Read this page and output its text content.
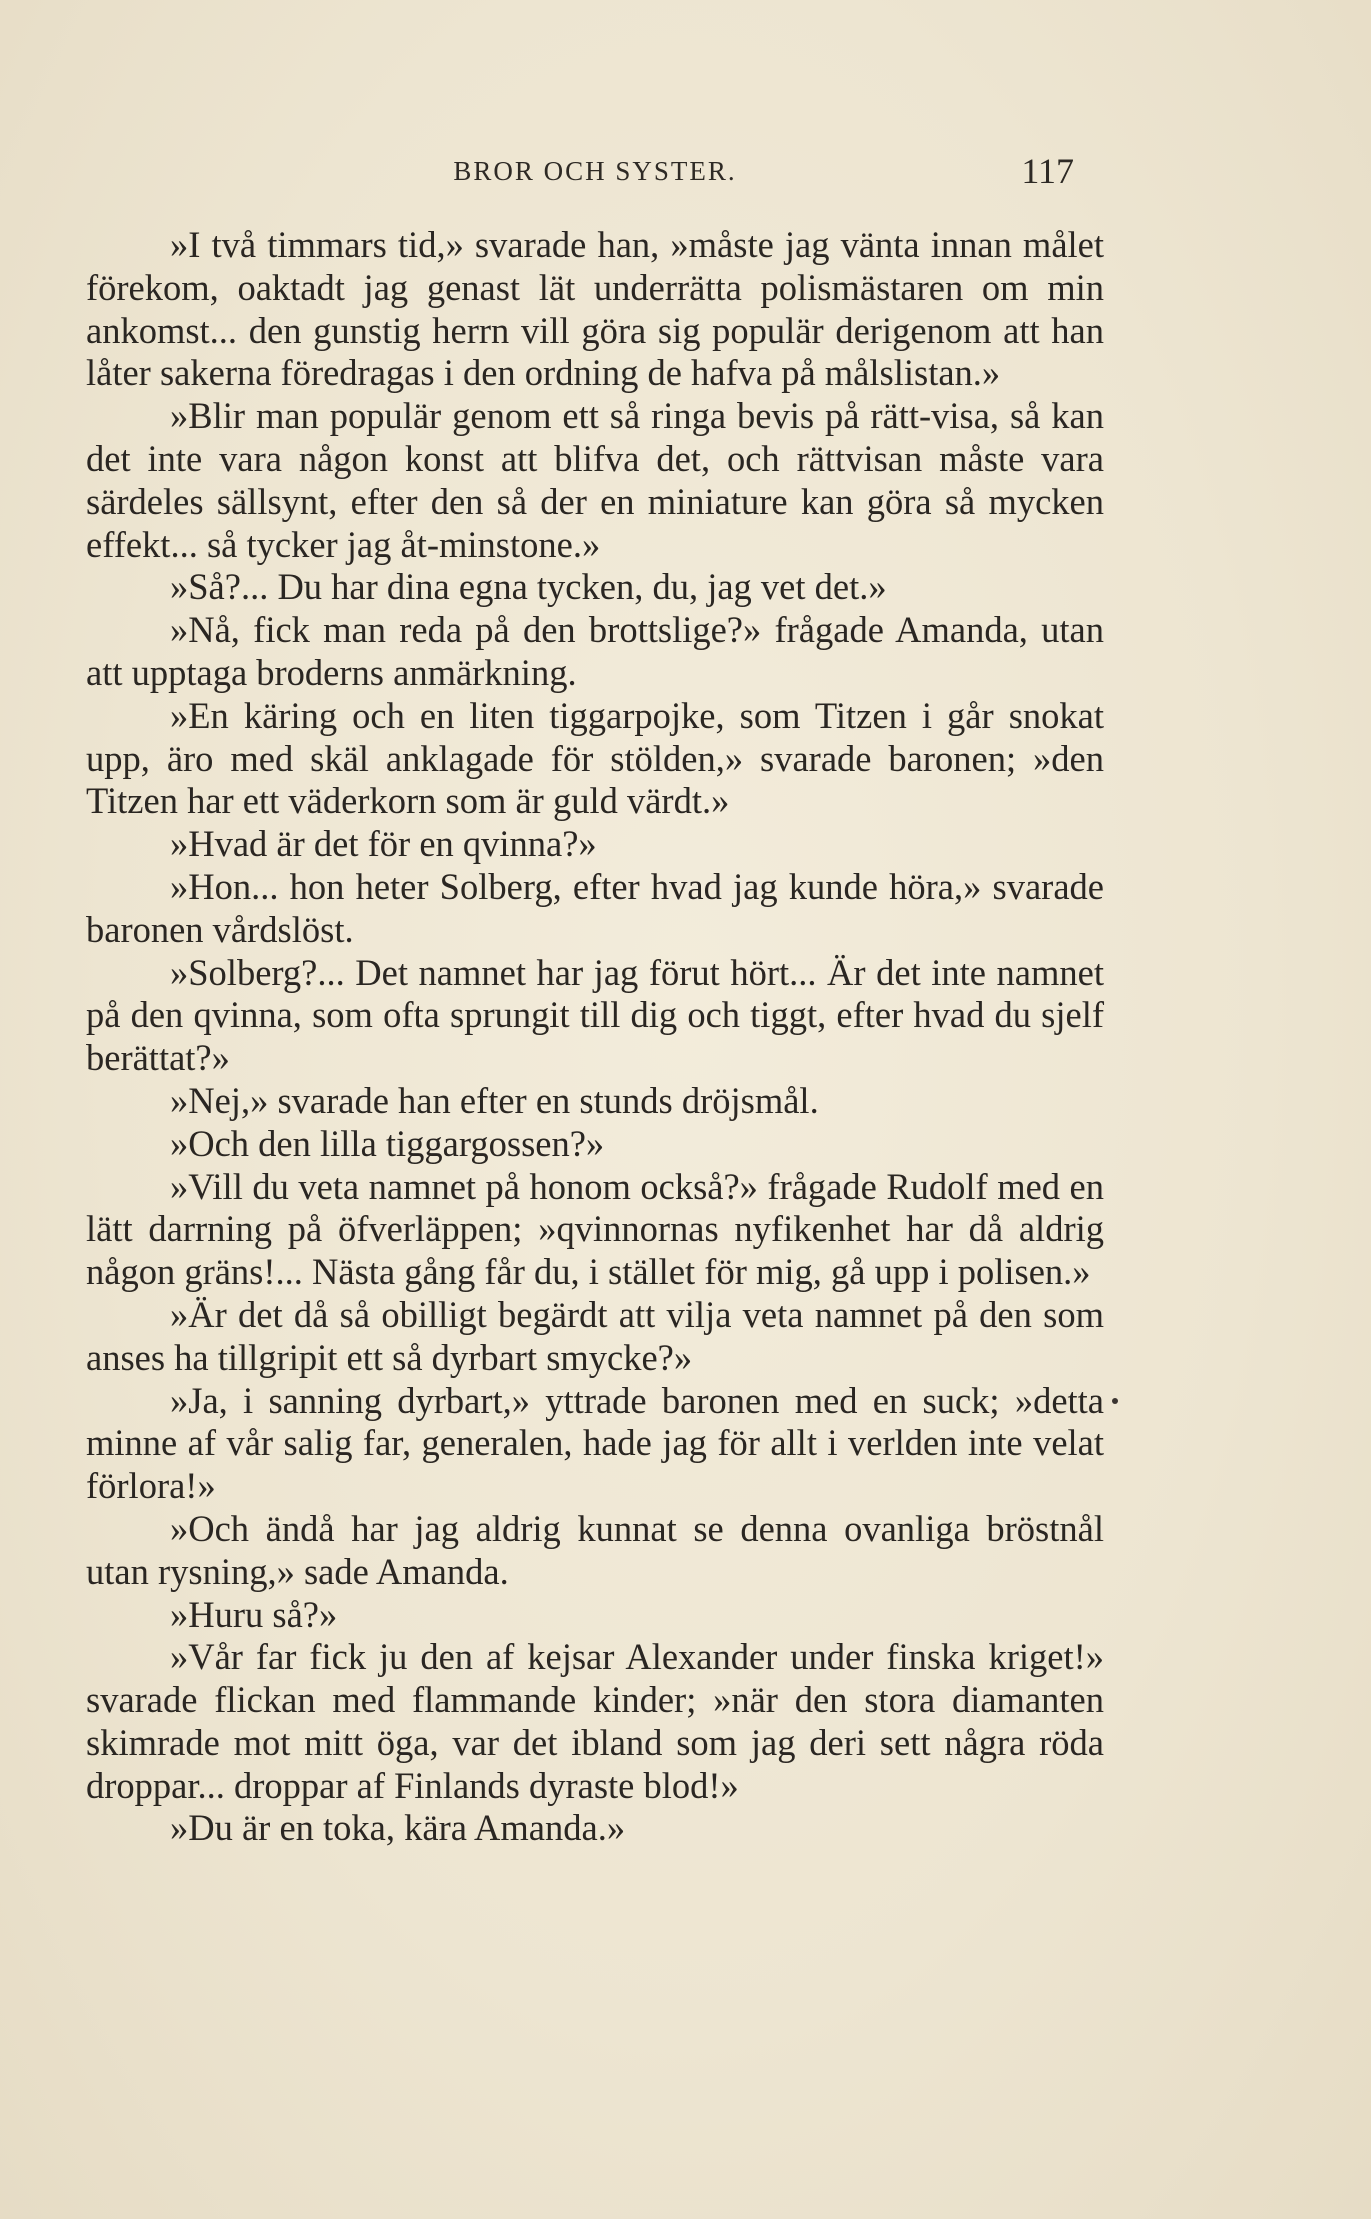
BROR OCH SYSTER.	117

»I två timmars tid,» svarade han, »måste jag vänta innan målet förekom, oaktadt jag genast lät underrätta polismästaren om min ankomst... den gunstig herrn vill göra sig populär derigenom att han låter sakerna föredragas i den ordning de hafva på målslistan.»

»Blir man populär genom ett så ringa bevis på rätt-visa, så kan det inte vara någon konst att blifva det, och rättvisan måste vara särdeles sällsynt, efter den så der en miniature kan göra så mycken effekt... så tycker jag åt-minstone.»

»Så?... Du har dina egna tycken, du, jag vet det.»

»Nå, fick man reda på den brottslige?» frågade Amanda, utan att upptaga broderns anmärkning.

»En käring och en liten tiggarpojke, som Titzen i går snokat upp, äro med skäl anklagade för stölden,» svarade baronen; »den Titzen har ett väderkorn som är guld värdt.»

»Hvad är det för en qvinna?»

»Hon... hon heter Solberg, efter hvad jag kunde höra,» svarade baronen vårdslöst.

»Solberg?... Det namnet har jag förut hört... Är det inte namnet på den qvinna, som ofta sprungit till dig och tiggt, efter hvad du sjelf berättat?»

»Nej,» svarade han efter en stunds dröjsmål.

»Och den lilla tiggargossen?»

»Vill du veta namnet på honom också?» frågade Rudolf med en lätt darrning på öfverläppen; »qvinnornas nyfikenhet har då aldrig någon gräns!... Nästa gång får du, i stället för mig, gå upp i polisen.»

»Är det då så obilligt begärdt att vilja veta namnet på den som anses ha tillgripit ett så dyrbart smycke?»

»Ja, i sanning dyrbart,» yttrade baronen med en suck; »detta minne af vår salig far, generalen, hade jag för allt i verlden inte velat förlora!»

»Och ändå har jag aldrig kunnat se denna ovanliga bröstnål utan rysning,» sade Amanda.

»Huru så?»

»Vår far fick ju den af kejsar Alexander under finska kriget!» svarade flickan med flammande kinder; »när den stora diamanten skimrade mot mitt öga, var det ibland som jag deri sett några röda droppar... droppar af Finlands dyraste blod!»

»Du är en toka, kära Amanda.»
